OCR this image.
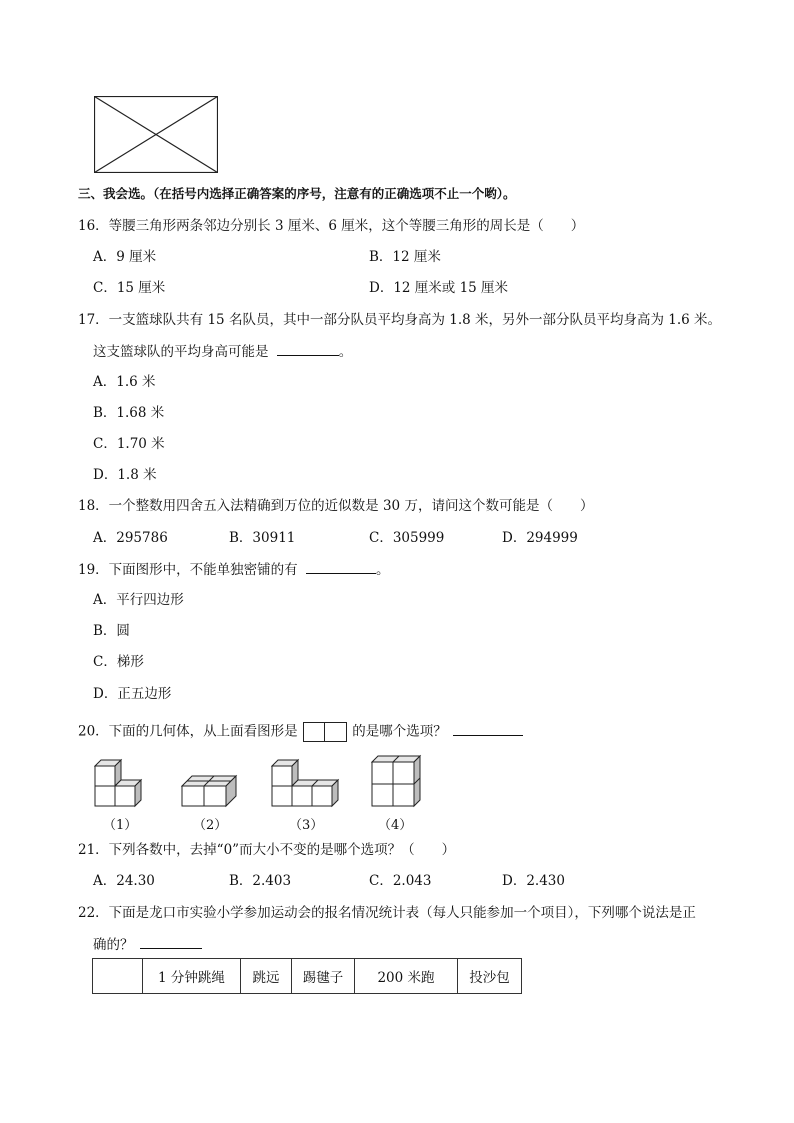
三、我会选。（在括号内选择正确答案的序号，注意有的正确选项不止一个哟）。
16．等腰三角形两条邻边分别长 3 厘米、6 厘米，这个等腰三角形的周长是（　　）
A．9 厘米	B．12 厘米
C．15 厘米	D．12 厘米或 15 厘米
17．一支篮球队共有 15 名队员，其中一部分队员平均身高为 1.8 米，另外一部分队员平均身高为 1.6 米。
这支篮球队的平均身高可能是	。
A．1.6 米
B．1.68 米
C．1.70 米
D．1.8 米
18．一个整数用四舍五入法精确到万位的近似数是 30 万，请问这个数可能是（　　）
A．295786	B．30911	C．305999	D．294999
19．下面图形中，不能单独密铺的有	。
A．平行四边形
B．圆
C．梯形
D．正五边形
20．下面的几何体，从上面看图形是	的是哪个选项？
（1）	（2）	（3）	（4）
21．下列各数中，去掉“0”而大小不变的是哪个选项？（　　）
A．24.30	B．2.403	C．2.043	D．2.430
22．下面是龙口市实验小学参加运动会的报名情况统计表（每人只能参加一个项目），下列哪个说法是正
确的？
	1 分钟跳绳	跳远	踢毽子	200 米跑	投沙包
